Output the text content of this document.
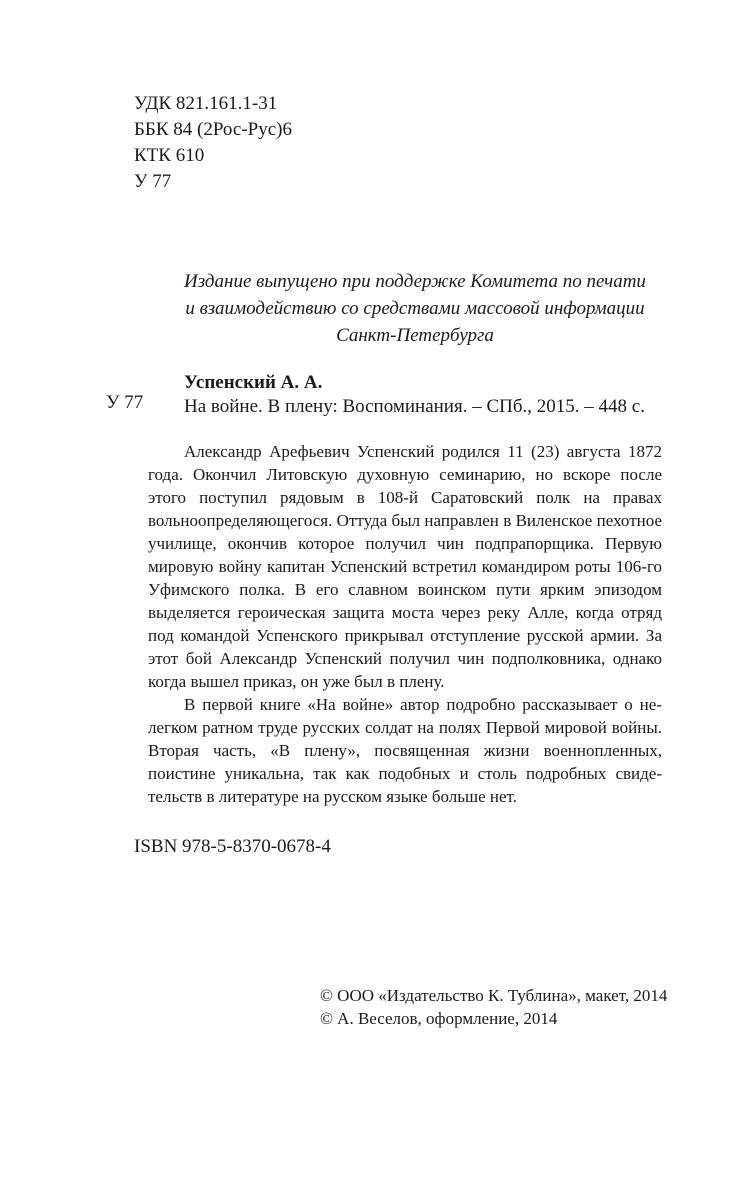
УДК 821.161.1-31
ББК 84 (2Рос-Рус)6
КТК 610
У 77
Издание выпущено при поддержке Комитета по печати
и взаимодействию со средствами массовой информации
Санкт-Петербурга
Успенский А. А.
У 77 На войне. В плену: Воспоминания. – СПб., 2015. – 448 с.

Александр Арефьевич Успенский родился 11 (23) августа 1872 года. Окончил Литовскую духовную семинарию, но вскоре после этого поступил рядовым в 108-й Саратовский полк на правах вольноопределяющегося. Оттуда был направлен в Виленское пехотное училище, окончив которое получил чин подпрапорщика. Первую мировую войну капитан Успенский встретил командиром роты 106-го Уфимского полка. В его славном воинском пути ярким эпизодом выделяется героическая защита моста через реку Алле, когда отряд под командой Успенского прикрывал отступление русской армии. За этот бой Александр Успенский получил чин подполковника, однако когда вышел приказ, он уже был в плену.

В первой книге «На войне» автор подробно рассказывает о нелегком ратном труде русских солдат на полях Первой мировой войны. Вторая часть, «В плену», посвященная жизни военнопленных, поистине уникальна, так как подобных и столь подробных свидетельств в литературе на русском языке больше нет.

ISBN 978-5-8370-0678-4
© ООО «Издательство К. Тублина», макет, 2014
© А. Веселов, оформление, 2014
